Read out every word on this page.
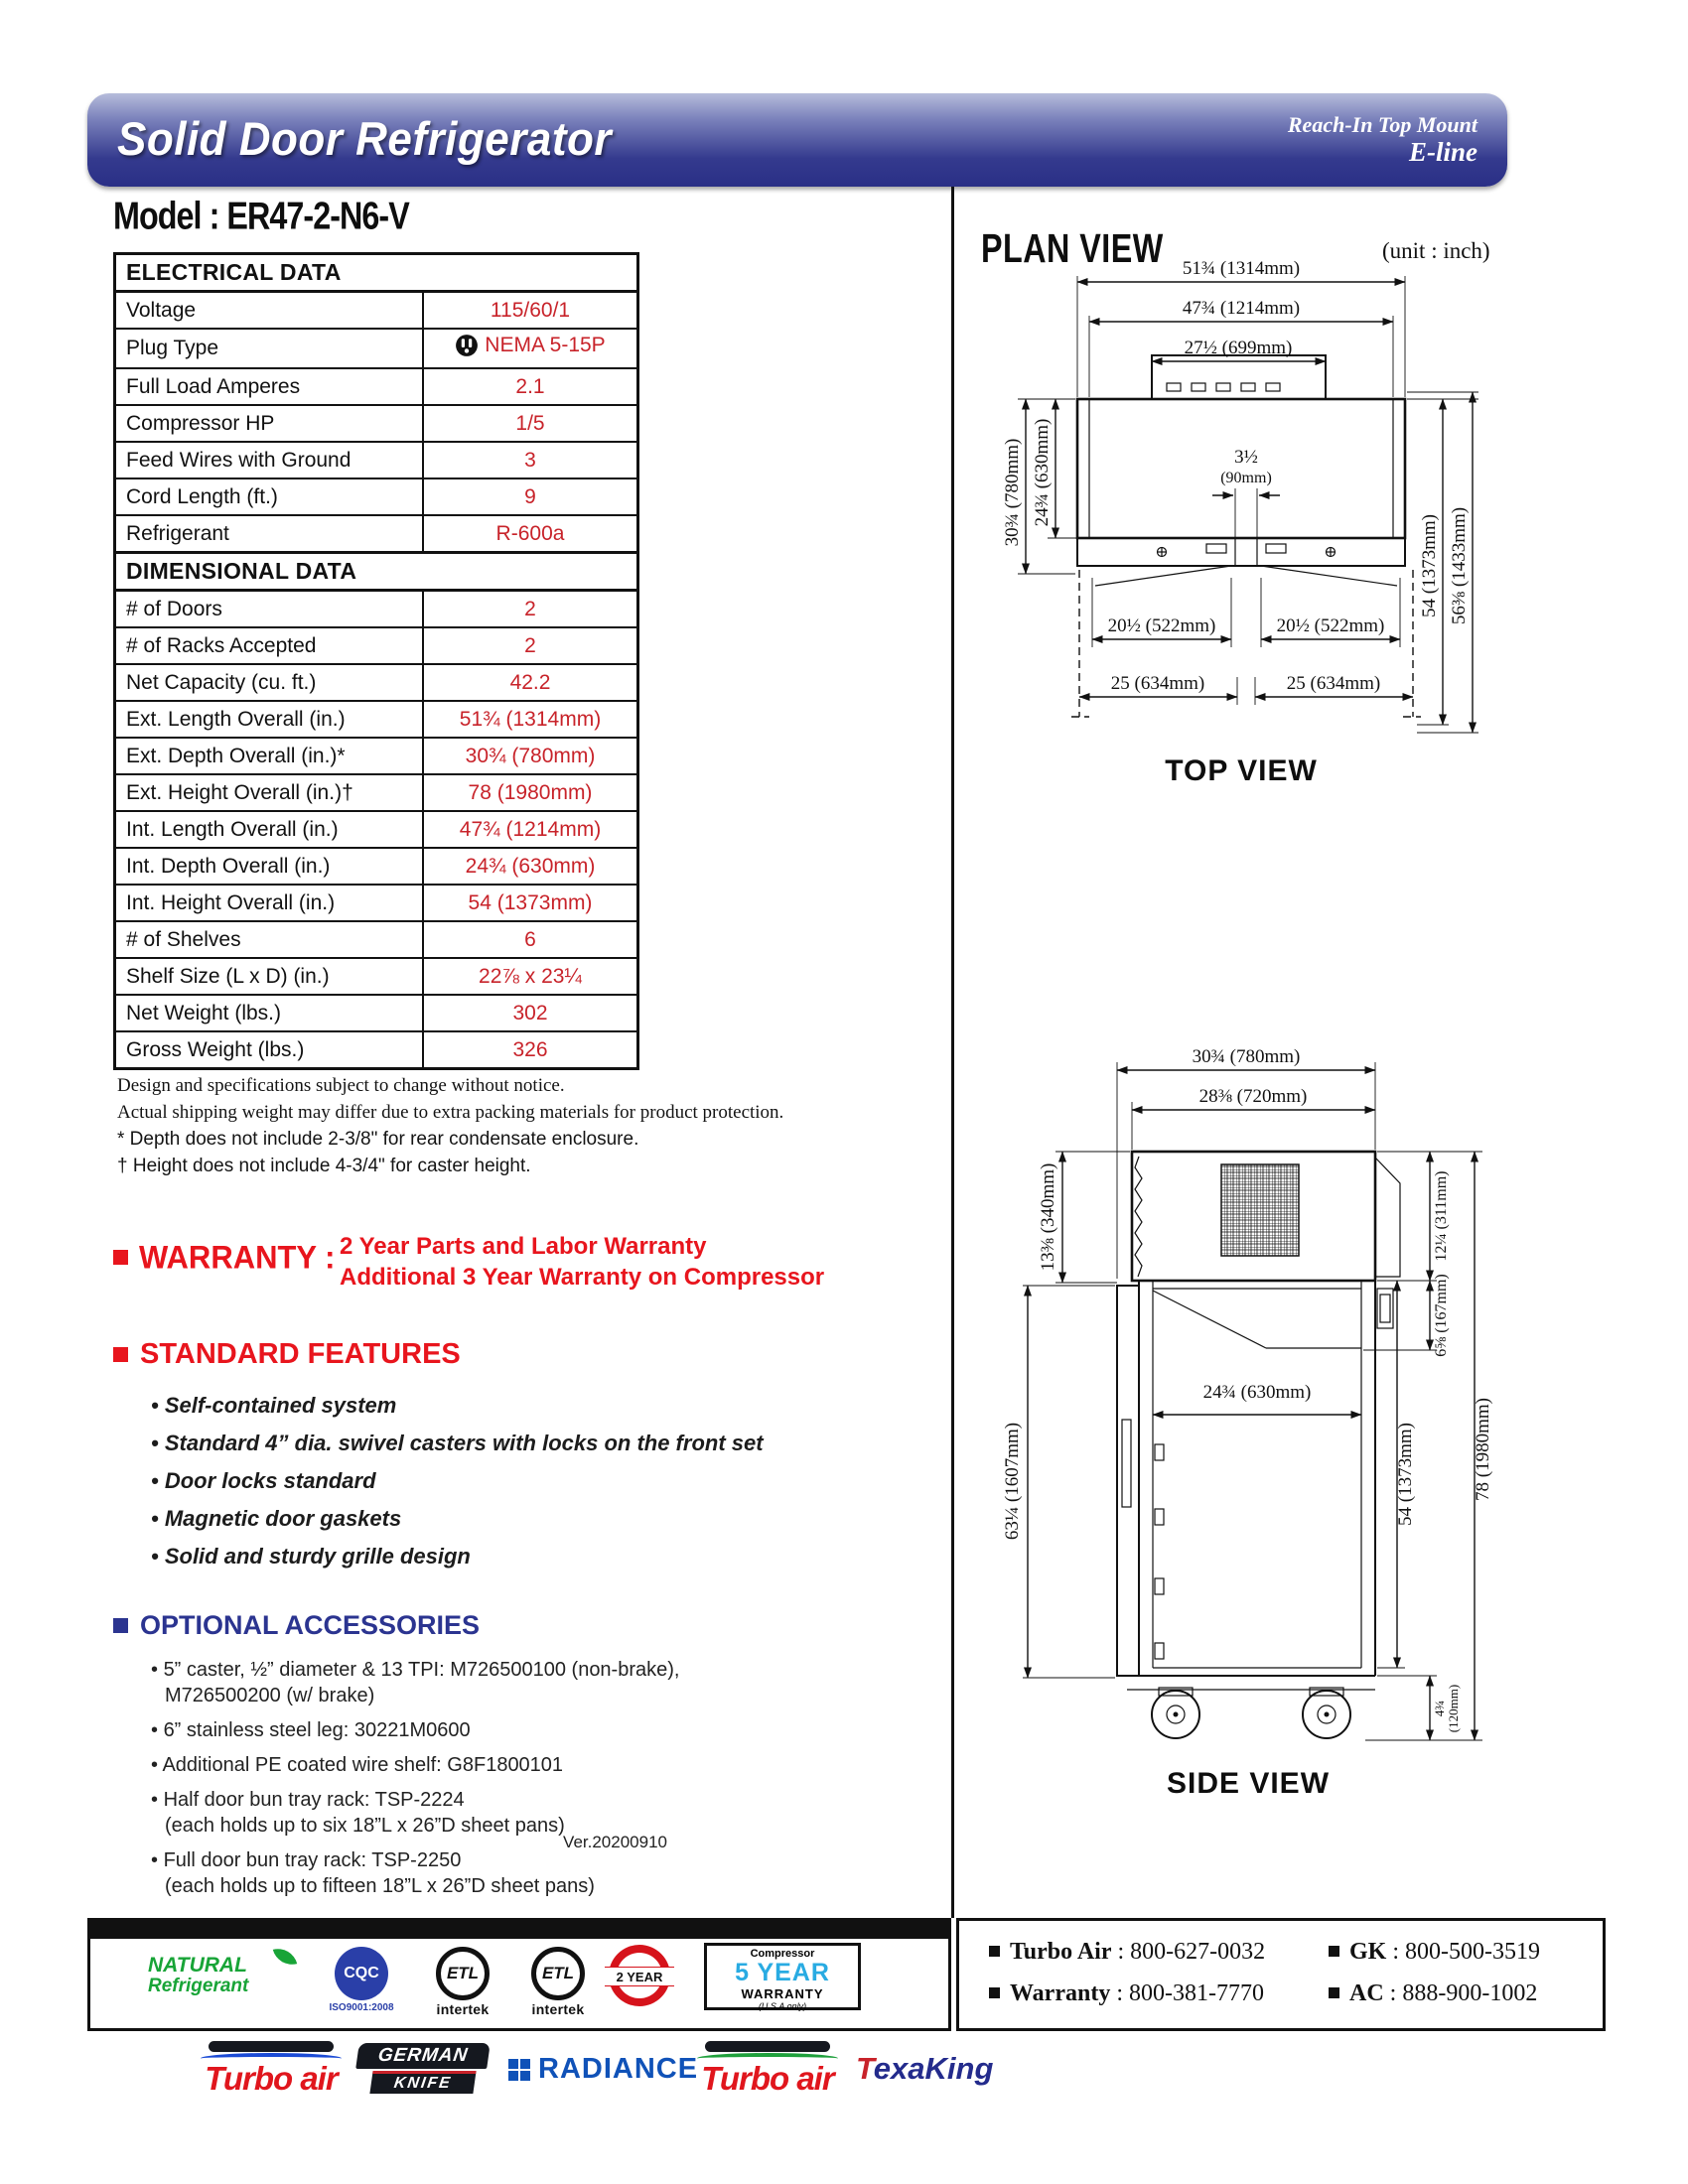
Solid Door Refrigerator	Reach-In Top Mount
E-line
Model : ER47-2-N6-V
ELECTRICAL DATA	
Voltage	115/60/1
Plug Type	NEMA 5-15P

Full Load Amperes	2.1
Compressor HP	1/5
Feed Wires with Ground	3
Cord Length (ft.)	9
Refrigerant	R-600a
DIMENSIONAL DATA	
# of Doors	2
# of Racks Accepted	2
Net Capacity (cu. ft.)	42.2
Ext. Length Overall (in.)	51¾ (1314mm)
Ext. Depth Overall (in.)*	30¾ (780mm)
Ext. Height Overall (in.)†	78 (1980mm)
Int. Length Overall (in.)	47¾ (1214mm)
Int. Depth Overall (in.)	24¾ (630mm)
Int. Height Overall (in.)	54 (1373mm)
# of Shelves	6
Shelf Size (L x D) (in.)	22⅞ x 23¼
Net Weight (lbs.)	302
Gross Weight (lbs.)	326
Design and specifications subject to change without notice.
Actual shipping weight may differ due to extra packing materials for product protection.
* Depth does not include 2-3/8" for rear condensate enclosure.
† Height does not include 4-3/4" for caster height.
WARRANTY : 2 Year Parts and Labor Warranty
Additional 3 Year Warranty on Compressor
STANDARD FEATURES
• Self-contained system
• Standard 4” dia. swivel casters with locks on the front set
• Door locks standard
• Magnetic door gaskets
• Solid and sturdy grille design
OPTIONAL ACCESSORIES
• 5” caster, ½” diameter & 13 TPI: M726500100 (non-brake),
M726500200 (w/ brake)
• 6” stainless steel leg: 30221M0600
• Additional PE coated wire shelf: G8F1800101
• Half door bun tray rack: TSP-2224
(each holds up to six 18”L x 26”D sheet pans)
• Full door bun tray rack: TSP-2250
(each holds up to fifteen 18”L x 26”D sheet pans)
Ver.20200910
PLAN VIEW	(unit : inch)
51¾ (1314mm)
47¾ (1214mm)
27½ (699mm)
3½
(90mm)
30¾ (780mm) 24¾ (630mm)
20½ (522mm)	20½ (522mm)
25 (634mm)	25 (634mm)
54 (1373mm) 56⅜ (1433mm)
TOP VIEW
30¾ (780mm)
28⅜ (720mm)
13⅜ (340mm)	12¼ (311mm)
6⅝ (167mm)
24¾ (630mm)
63¼ (1607mm)	54 (1373mm)	78 (1980mm)
4¾ (120mm)
SIDE VIEW
NATURAL
Refrigerant
CQC
ISO9001:2008
ETL
intertek
ETL
intertek
2 YEAR
Compressor
5 YEAR
WARRANTY
(U.S.A only)
Turbo Air : 800-627-0032	GK : 800-500-3519
Warranty : 800-381-7770	AC : 888-900-1002
Turbo air
GERMAN
KNIFE	RADIANCE Turbo air TexaKing
